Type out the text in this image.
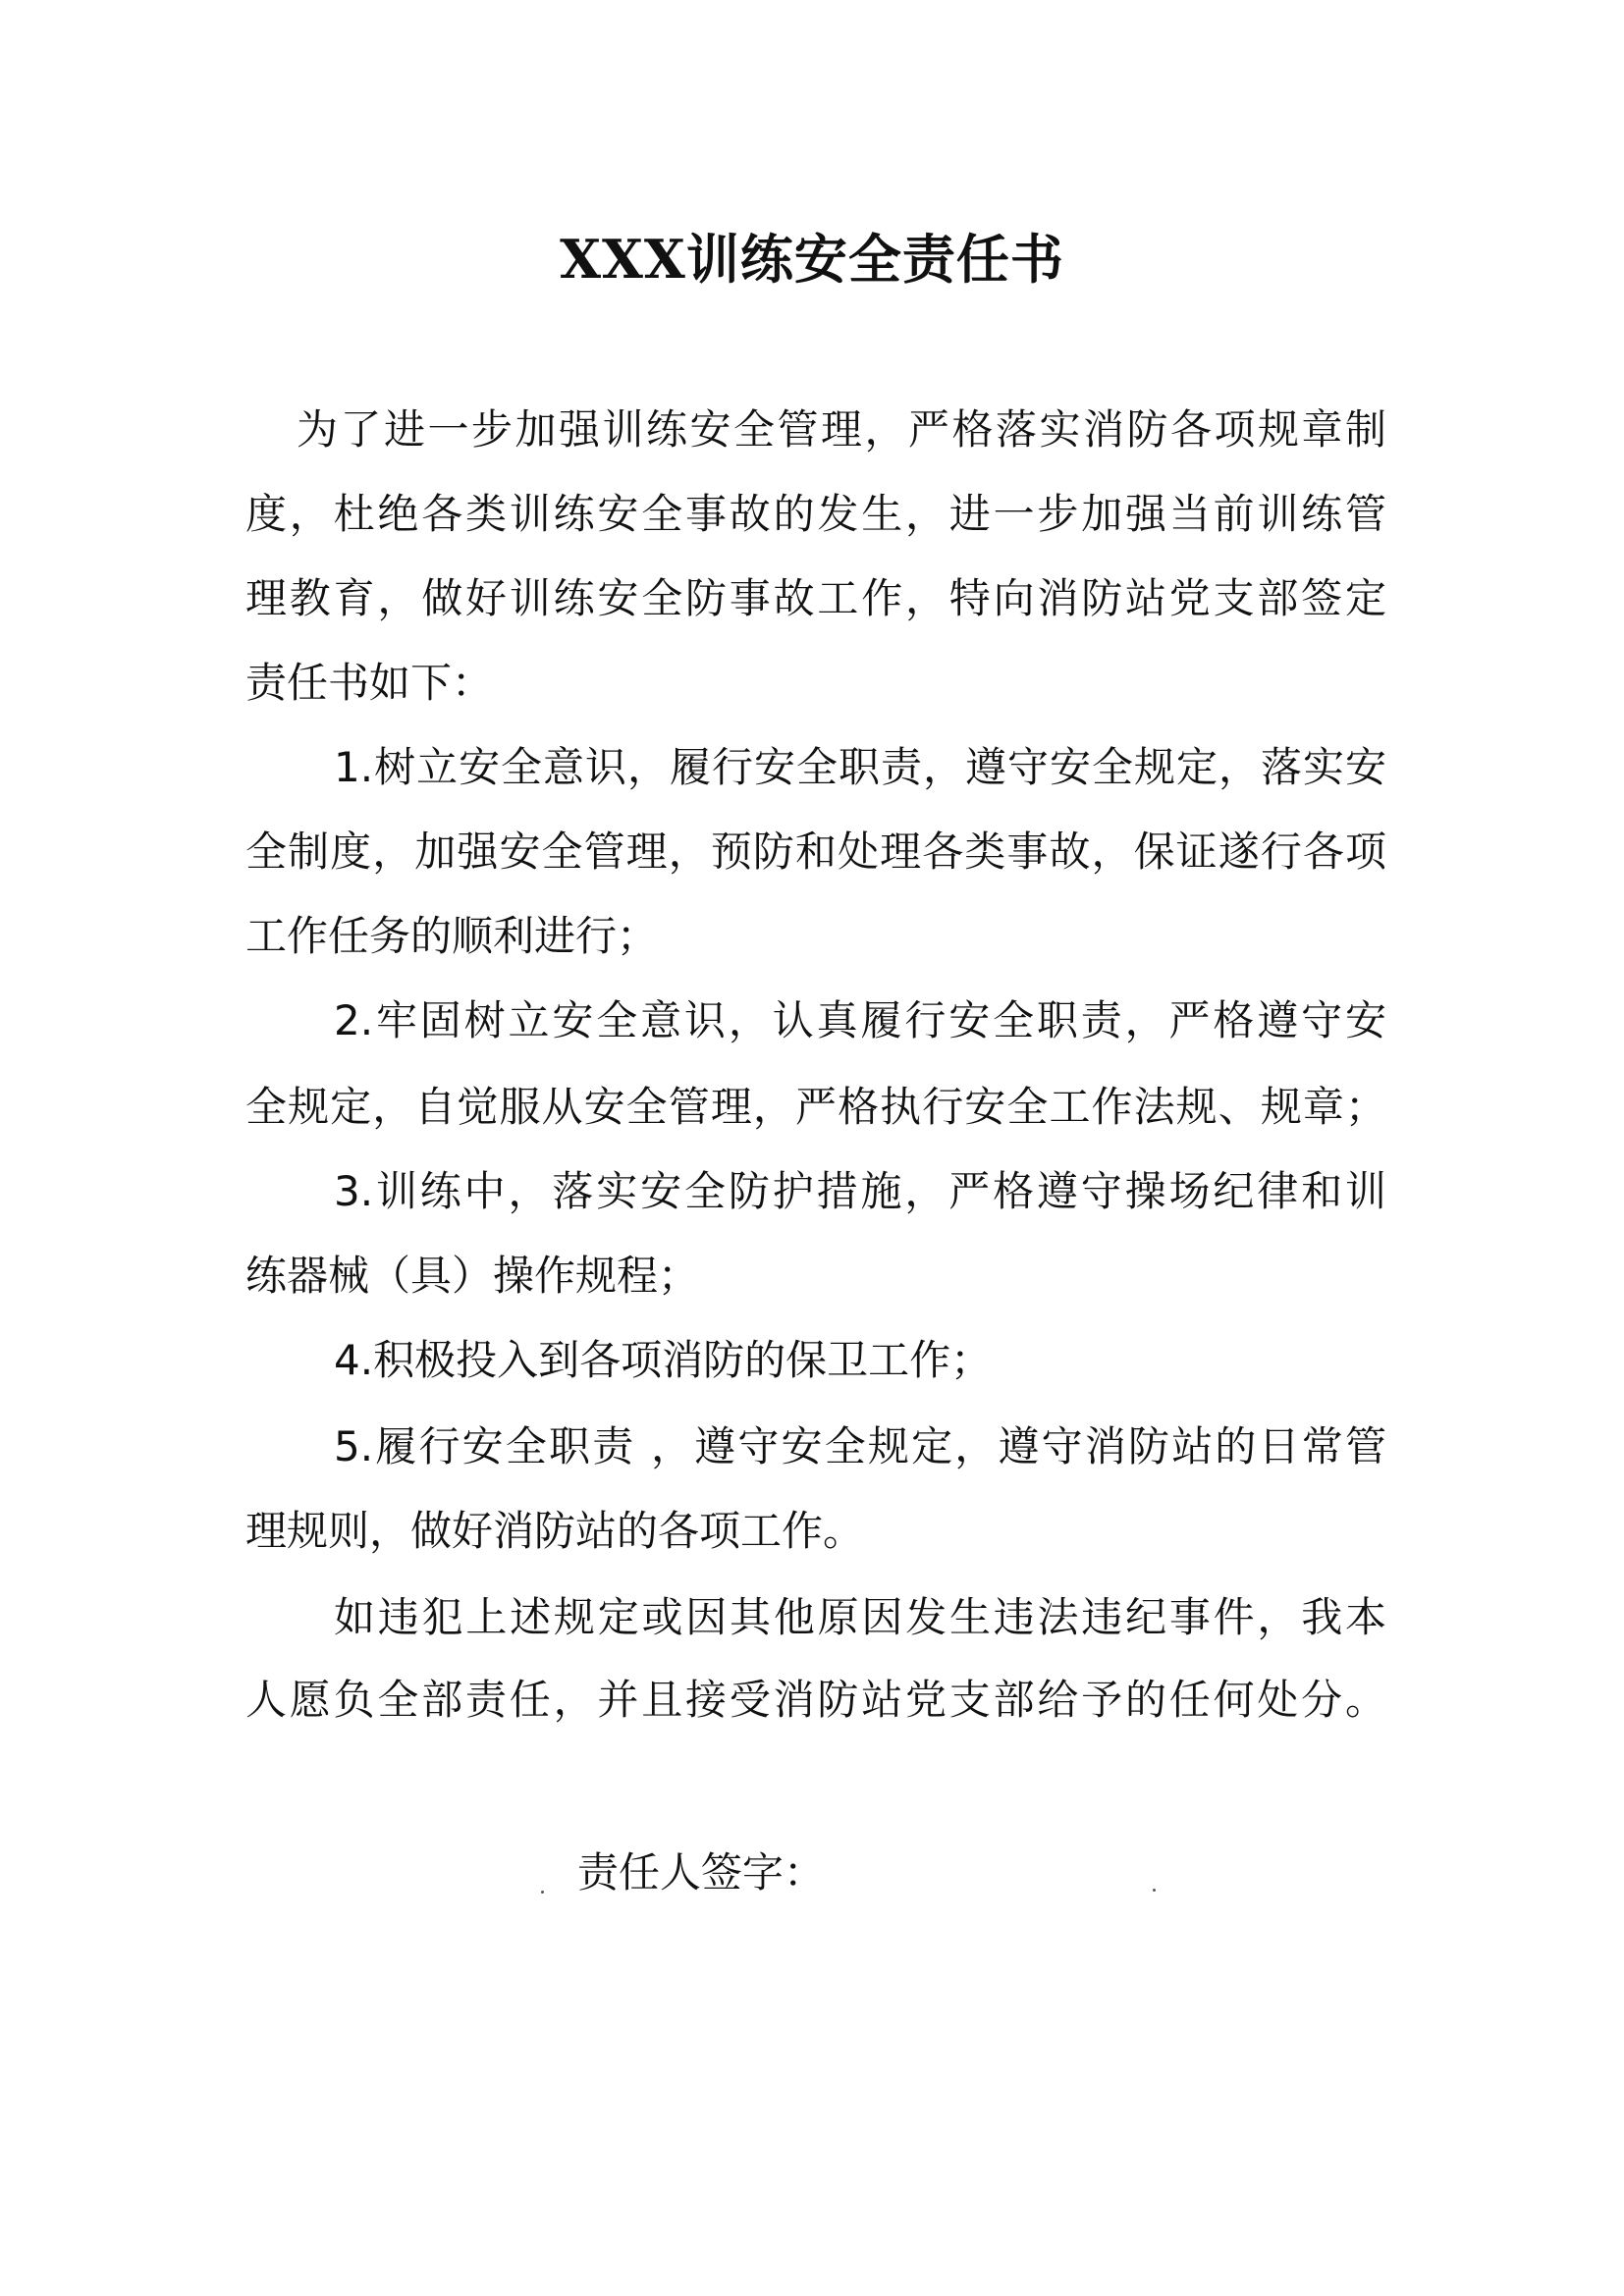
XXX训练安全责任书
为了进一步加强训练安全管理，严格落实消防各项规章制
度，杜绝各类训练安全事故的发生，进一步加强当前训练管
理教育，做好训练安全防事故工作，特向消防站党支部签定
责任书如下：
1.树立安全意识，履行安全职责，遵守安全规定，落实安
全制度，加强安全管理，预防和处理各类事故，保证遂行各项
工作任务的顺利进行；
2.牢固树立安全意识，认真履行安全职责，严格遵守安
全规定，自觉服从安全管理，严格执行安全工作法规、规章；
3.训练中，落实安全防护措施，严格遵守操场纪律和训
练器械（具）操作规程；
4.积极投入到各项消防的保卫工作；
5.履行安全职责 ，遵守安全规定，遵守消防站的日常管
理规则，做好消防站的各项工作。
如违犯上述规定或因其他原因发生违法违纪事件，我本
人愿负全部责任，并且接受消防站党支部给予的任何处分。
责任人签字：
